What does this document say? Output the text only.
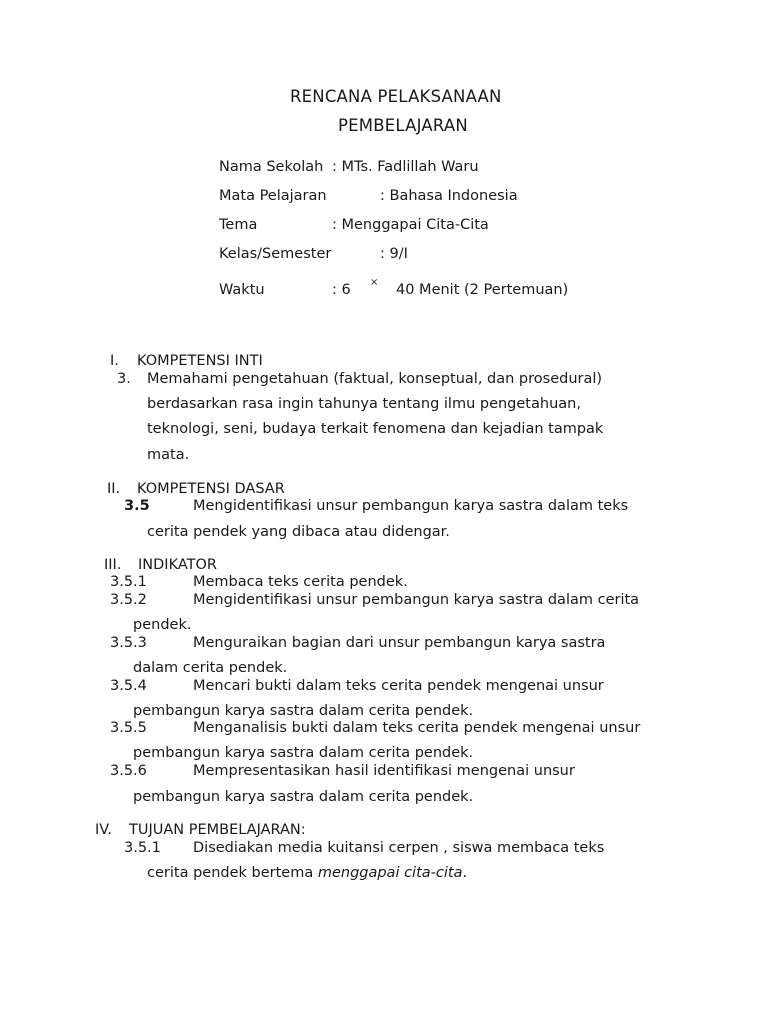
RENCANA PELAKSANAAN
PEMBELAJARAN
Nama Sekolah : MTs. Fadlillah Waru
Mata Pelajaran	: Bahasa Indonesia
Tema	: Menggapai Cita-Cita
Kelas/Semester	: 9/I
Waktu	: 6 × 40 Menit (2 Pertemuan)
I. KOMPETENSI INTI
3. Memahami pengetahuan (faktual, konseptual, dan prosedural)
berdasarkan rasa ingin tahunya tentang ilmu pengetahuan,
teknologi, seni, budaya terkait fenomena dan kejadian tampak
mata.
II. KOMPETENSI DASAR
3.5	Mengidentifikasi unsur pembangun karya sastra dalam teks
cerita pendek yang dibaca atau didengar.
III. INDIKATOR
3.5.1	Membaca teks cerita pendek.
3.5.2	Mengidentifikasi unsur pembangun karya sastra dalam cerita
pendek.
3.5.3	Menguraikan bagian dari unsur pembangun karya sastra
dalam cerita pendek.
3.5.4	Mencari bukti dalam teks cerita pendek mengenai unsur
pembangun karya sastra dalam cerita pendek.
3.5.5	Menganalisis bukti dalam teks cerita pendek mengenai unsur
pembangun karya sastra dalam cerita pendek.
3.5.6	Mempresentasikan hasil identifikasi mengenai unsur
pembangun karya sastra dalam cerita pendek.
IV. TUJUAN PEMBELAJARAN:
3.5.1 Disediakan media kuitansi cerpen , siswa membaca teks
cerita pendek bertema menggapai cita-cita.
